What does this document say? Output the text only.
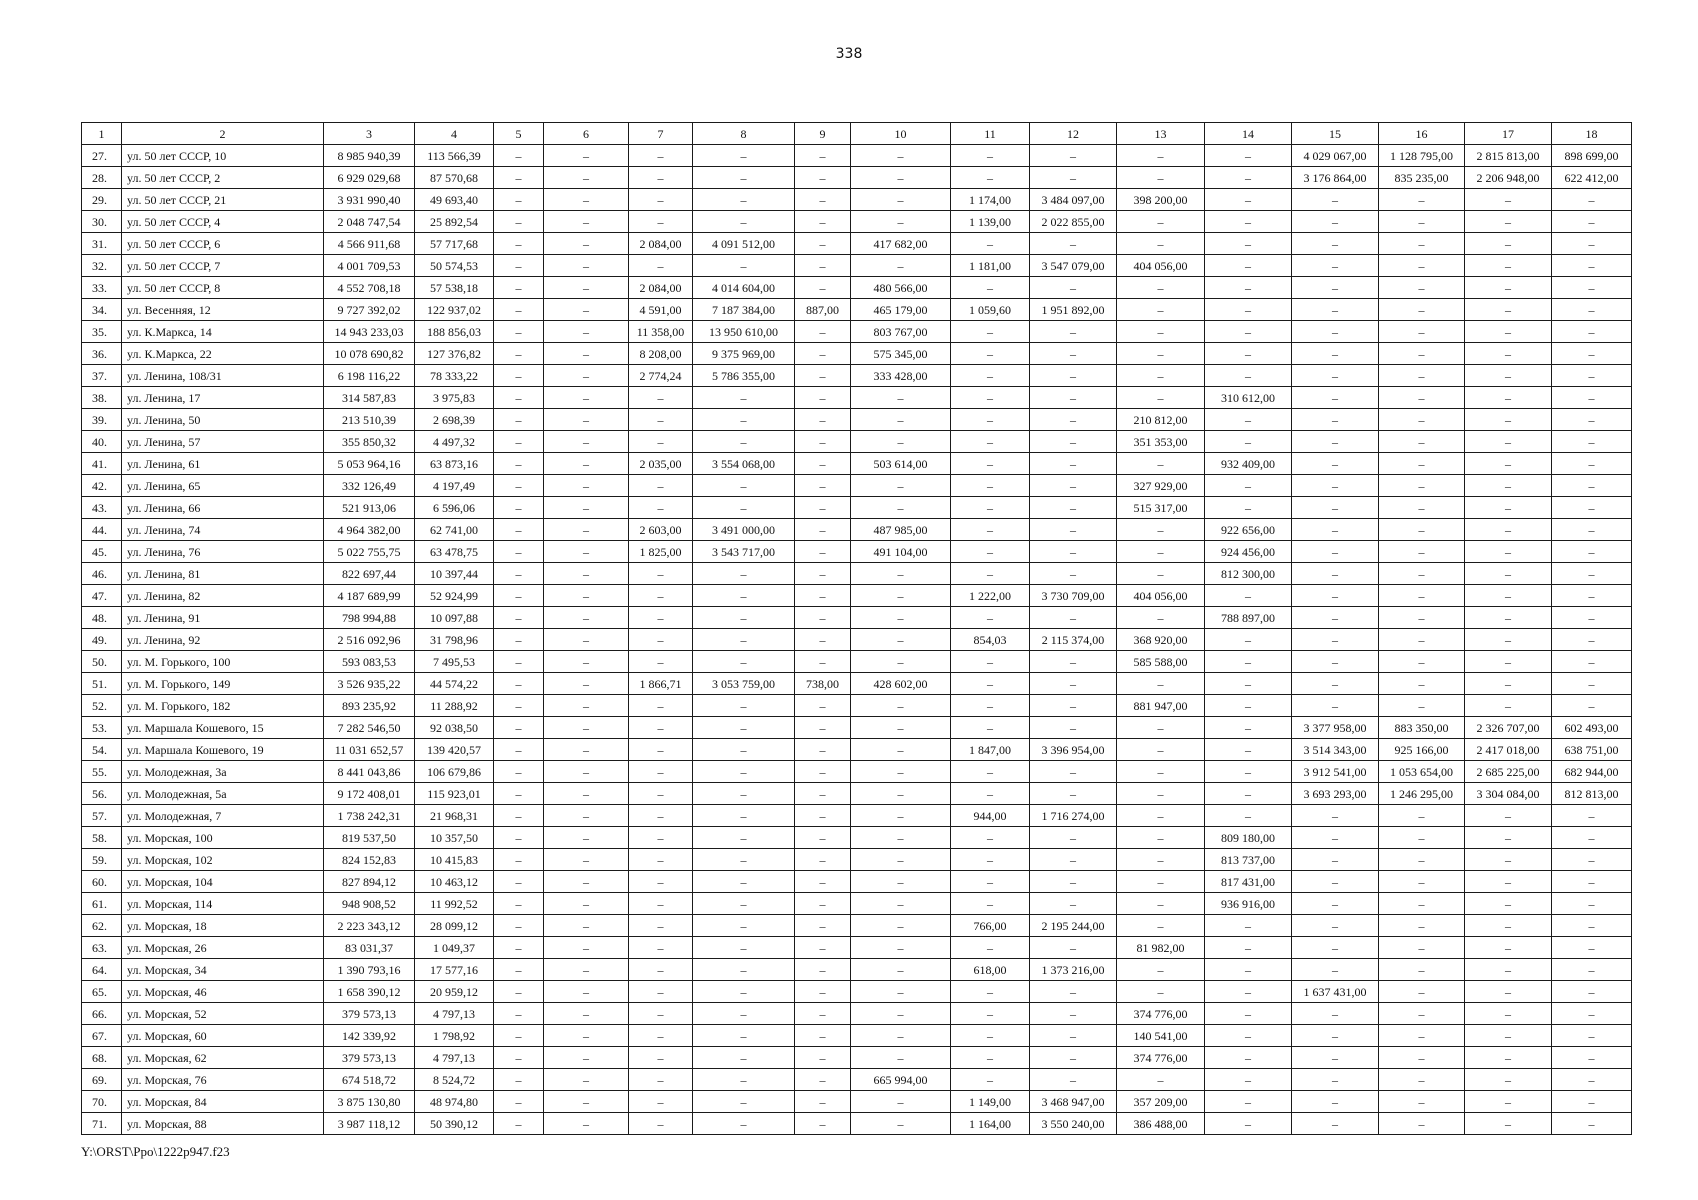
338
1	2	3	4	5	6	7	8	9	10	11	12	13	14	15	16	17	18
27.	ул. 50 лет СССР, 10	8 985 940,39	113 566,39	–	–	–	–	–	–	–	–	–	–	4 029 067,00	1 128 795,00	2 815 813,00	898 699,00
28.	ул. 50 лет СССР, 2	6 929 029,68	87 570,68	–	–	–	–	–	–	–	–	–	–	3 176 864,00	835 235,00	2 206 948,00	622 412,00
29.	ул. 50 лет СССР, 21	3 931 990,40	49 693,40	–	–	–	–	–	–	1 174,00	3 484 097,00	398 200,00	–	–	–	–	–
30.	ул. 50 лет СССР, 4	2 048 747,54	25 892,54	–	–	–	–	–	–	1 139,00	2 022 855,00	–	–	–	–	–	–
31.	ул. 50 лет СССР, 6	4 566 911,68	57 717,68	–	–	2 084,00	4 091 512,00	–	417 682,00	–	–	–	–	–	–	–	–
32.	ул. 50 лет СССР, 7	4 001 709,53	50 574,53	–	–	–	–	–	–	1 181,00	3 547 079,00	404 056,00	–	–	–	–	–
33.	ул. 50 лет СССР, 8	4 552 708,18	57 538,18	–	–	2 084,00	4 014 604,00	–	480 566,00	–	–	–	–	–	–	–	–
34.	ул. Весенняя, 12	9 727 392,02	122 937,02	–	–	4 591,00	7 187 384,00	887,00	465 179,00	1 059,60	1 951 892,00	–	–	–	–	–	–
35.	ул. К.Маркса, 14	14 943 233,03	188 856,03	–	–	11 358,00	13 950 610,00	–	803 767,00	–	–	–	–	–	–	–	–
36.	ул. К.Маркса, 22	10 078 690,82	127 376,82	–	–	8 208,00	9 375 969,00	–	575 345,00	–	–	–	–	–	–	–	–
37.	ул. Ленина, 108/31	6 198 116,22	78 333,22	–	–	2 774,24	5 786 355,00	–	333 428,00	–	–	–	–	–	–	–	–
38.	ул. Ленина, 17	314 587,83	3 975,83	–	–	–	–	–	–	–	–	–	310 612,00	–	–	–	–
39.	ул. Ленина, 50	213 510,39	2 698,39	–	–	–	–	–	–	–	–	210 812,00	–	–	–	–	–
40.	ул. Ленина, 57	355 850,32	4 497,32	–	–	–	–	–	–	–	–	351 353,00	–	–	–	–	–
41.	ул. Ленина, 61	5 053 964,16	63 873,16	–	–	2 035,00	3 554 068,00	–	503 614,00	–	–	–	932 409,00	–	–	–	–
42.	ул. Ленина, 65	332 126,49	4 197,49	–	–	–	–	–	–	–	–	327 929,00	–	–	–	–	–
43.	ул. Ленина, 66	521 913,06	6 596,06	–	–	–	–	–	–	–	–	515 317,00	–	–	–	–	–
44.	ул. Ленина, 74	4 964 382,00	62 741,00	–	–	2 603,00	3 491 000,00	–	487 985,00	–	–	–	922 656,00	–	–	–	–
45.	ул. Ленина, 76	5 022 755,75	63 478,75	–	–	1 825,00	3 543 717,00	–	491 104,00	–	–	–	924 456,00	–	–	–	–
46.	ул. Ленина, 81	822 697,44	10 397,44	–	–	–	–	–	–	–	–	–	812 300,00	–	–	–	–
47.	ул. Ленина, 82	4 187 689,99	52 924,99	–	–	–	–	–	–	1 222,00	3 730 709,00	404 056,00	–	–	–	–	–
48.	ул. Ленина, 91	798 994,88	10 097,88	–	–	–	–	–	–	–	–	–	788 897,00	–	–	–	–
49.	ул. Ленина, 92	2 516 092,96	31 798,96	–	–	–	–	–	–	854,03	2 115 374,00	368 920,00	–	–	–	–	–
50.	ул. М. Горького, 100	593 083,53	7 495,53	–	–	–	–	–	–	–	–	585 588,00	–	–	–	–	–
51.	ул. М. Горького, 149	3 526 935,22	44 574,22	–	–	1 866,71	3 053 759,00	738,00	428 602,00	–	–	–	–	–	–	–	–
52.	ул. М. Горького, 182	893 235,92	11 288,92	–	–	–	–	–	–	–	–	881 947,00	–	–	–	–	–
53.	ул. Маршала Кошевого, 15	7 282 546,50	92 038,50	–	–	–	–	–	–	–	–	–	–	3 377 958,00	883 350,00	2 326 707,00	602 493,00
54.	ул. Маршала Кошевого, 19	11 031 652,57	139 420,57	–	–	–	–	–	–	1 847,00	3 396 954,00	–	–	3 514 343,00	925 166,00	2 417 018,00	638 751,00
55.	ул. Молодежная, 3а	8 441 043,86	106 679,86	–	–	–	–	–	–	–	–	–	–	3 912 541,00	1 053 654,00	2 685 225,00	682 944,00
56.	ул. Молодежная, 5а	9 172 408,01	115 923,01	–	–	–	–	–	–	–	–	–	–	3 693 293,00	1 246 295,00	3 304 084,00	812 813,00
57.	ул. Молодежная, 7	1 738 242,31	21 968,31	–	–	–	–	–	–	944,00	1 716 274,00	–	–	–	–	–	–
58.	ул. Морская, 100	819 537,50	10 357,50	–	–	–	–	–	–	–	–	–	809 180,00	–	–	–	–
59.	ул. Морская, 102	824 152,83	10 415,83	–	–	–	–	–	–	–	–	–	813 737,00	–	–	–	–
60.	ул. Морская, 104	827 894,12	10 463,12	–	–	–	–	–	–	–	–	–	817 431,00	–	–	–	–
61.	ул. Морская, 114	948 908,52	11 992,52	–	–	–	–	–	–	–	–	–	936 916,00	–	–	–	–
62.	ул. Морская, 18	2 223 343,12	28 099,12	–	–	–	–	–	–	766,00	2 195 244,00	–	–	–	–	–	–
63.	ул. Морская, 26	83 031,37	1 049,37	–	–	–	–	–	–	–	–	81 982,00	–	–	–	–	–
64.	ул. Морская, 34	1 390 793,16	17 577,16	–	–	–	–	–	–	618,00	1 373 216,00	–	–	–	–	–	–
65.	ул. Морская, 46	1 658 390,12	20 959,12	–	–	–	–	–	–	–	–	–	–	1 637 431,00	–	–	–
66.	ул. Морская, 52	379 573,13	4 797,13	–	–	–	–	–	–	–	–	374 776,00	–	–	–	–	–
67.	ул. Морская, 60	142 339,92	1 798,92	–	–	–	–	–	–	–	–	140 541,00	–	–	–	–	–
68.	ул. Морская, 62	379 573,13	4 797,13	–	–	–	–	–	–	–	–	374 776,00	–	–	–	–	–
69.	ул. Морская, 76	674 518,72	8 524,72	–	–	–	–	–	665 994,00	–	–	–	–	–	–	–	–
70.	ул. Морская, 84	3 875 130,80	48 974,80	–	–	–	–	–	–	1 149,00	3 468 947,00	357 209,00	–	–	–	–	–
71.	ул. Морская, 88	3 987 118,12	50 390,12	–	–	–	–	–	–	1 164,00	3 550 240,00	386 488,00	–	–	–	–	–
Y:\ORST\Ppo\1222p947.f23
